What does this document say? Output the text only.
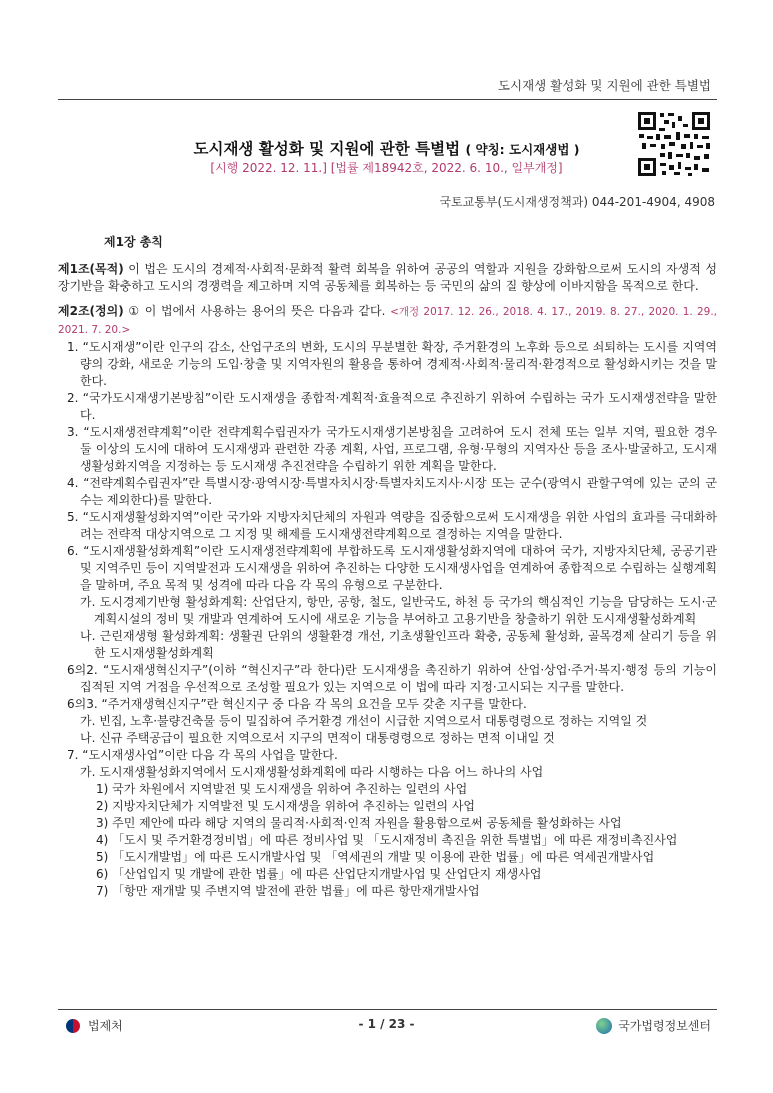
도시재생 활성화 및 지원에 관한 특별법
도시재생 활성화 및 지원에 관한 특별법 ( 약칭: 도시재생법 )
[시행 2022. 12. 11.] [법률 제18942호, 2022. 6. 10., 일부개정]
국토교통부(도시재생정책과) 044-201-4904, 4908
제1장 총칙
제1조(목적) 이 법은 도시의 경제적·사회적·문화적 활력 회복을 위하여 공공의 역할과 지원을 강화함으로써 도시의 자생적 성장기반을 확충하고 도시의 경쟁력을 제고하며 지역 공동체를 회복하는 등 국민의 삶의 질 향상에 이바지함을 목적으로 한다.
제2조(정의) ① 이 법에서 사용하는 용어의 뜻은 다음과 같다. <개정 2017. 12. 26., 2018. 4. 17., 2019. 8. 27., 2020. 1. 29., 2021. 7. 20.>
1. “도시재생”이란 인구의 감소, 산업구조의 변화, 도시의 무분별한 확장, 주거환경의 노후화 등으로 쇠퇴하는 도시를 지역역량의 강화, 새로운 기능의 도입·창출 및 지역자원의 활용을 통하여 경제적·사회적·물리적·환경적으로 활성화시키는 것을 말한다.
2. “국가도시재생기본방침”이란 도시재생을 종합적·계획적·효율적으로 추진하기 위하여 수립하는 국가 도시재생전략을 말한다.
3. “도시재생전략계획”이란 전략계획수립권자가 국가도시재생기본방침을 고려하여 도시 전체 또는 일부 지역, 필요한 경우 둘 이상의 도시에 대하여 도시재생과 관련한 각종 계획, 사업, 프로그램, 유형·무형의 지역자산 등을 조사·발굴하고, 도시재생활성화지역을 지정하는 등 도시재생 추진전략을 수립하기 위한 계획을 말한다.
4. “전략계획수립권자”란 특별시장·광역시장·특별자치시장·특별자치도지사·시장 또는 군수(광역시 관할구역에 있는 군의 군수는 제외한다)를 말한다.
5. “도시재생활성화지역”이란 국가와 지방자치단체의 자원과 역량을 집중함으로써 도시재생을 위한 사업의 효과를 극대화하려는 전략적 대상지역으로 그 지정 및 해제를 도시재생전략계획으로 결정하는 지역을 말한다.
6. “도시재생활성화계획”이란 도시재생전략계획에 부합하도록 도시재생활성화지역에 대하여 국가, 지방자치단체, 공공기관 및 지역주민 등이 지역발전과 도시재생을 위하여 추진하는 다양한 도시재생사업을 연계하여 종합적으로 수립하는 실행계획을 말하며, 주요 목적 및 성격에 따라 다음 각 목의 유형으로 구분한다.
가. 도시경제기반형 활성화계획: 산업단지, 항만, 공항, 철도, 일반국도, 하천 등 국가의 핵심적인 기능을 담당하는 도시·군계획시설의 정비 및 개발과 연계하여 도시에 새로운 기능을 부여하고 고용기반을 창출하기 위한 도시재생활성화계획
나. 근린재생형 활성화계획: 생활권 단위의 생활환경 개선, 기초생활인프라 확충, 공동체 활성화, 골목경제 살리기 등을 위한 도시재생활성화계획
6의2. “도시재생혁신지구”(이하 “혁신지구”라 한다)란 도시재생을 촉진하기 위하여 산업·상업·주거·복지·행정 등의 기능이 집적된 지역 거점을 우선적으로 조성할 필요가 있는 지역으로 이 법에 따라 지정·고시되는 지구를 말한다.
6의3. “주거재생혁신지구”란 혁신지구 중 다음 각 목의 요건을 모두 갖춘 지구를 말한다.
가. 빈집, 노후·불량건축물 등이 밀집하여 주거환경 개선이 시급한 지역으로서 대통령령으로 정하는 지역일 것
나. 신규 주택공급이 필요한 지역으로서 지구의 면적이 대통령령으로 정하는 면적 이내일 것
7. “도시재생사업”이란 다음 각 목의 사업을 말한다.
가. 도시재생활성화지역에서 도시재생활성화계획에 따라 시행하는 다음 어느 하나의 사업
1) 국가 차원에서 지역발전 및 도시재생을 위하여 추진하는 일련의 사업
2) 지방자치단체가 지역발전 및 도시재생을 위하여 추진하는 일련의 사업
3) 주민 제안에 따라 해당 지역의 물리적·사회적·인적 자원을 활용함으로써 공동체를 활성화하는 사업
4) 「도시 및 주거환경정비법」에 따른 정비사업 및 「도시재정비 촉진을 위한 특별법」에 따른 재정비촉진사업
5) 「도시개발법」에 따른 도시개발사업 및 「역세권의 개발 및 이용에 관한 법률」에 따른 역세권개발사업
6) 「산업입지 및 개발에 관한 법률」에 따른 산업단지개발사업 및 산업단지 재생사업
7) 「항만 재개발 및 주변지역 발전에 관한 법률」에 따른 항만재개발사업
법제처	- 1 / 23 -	국가법령정보센터
